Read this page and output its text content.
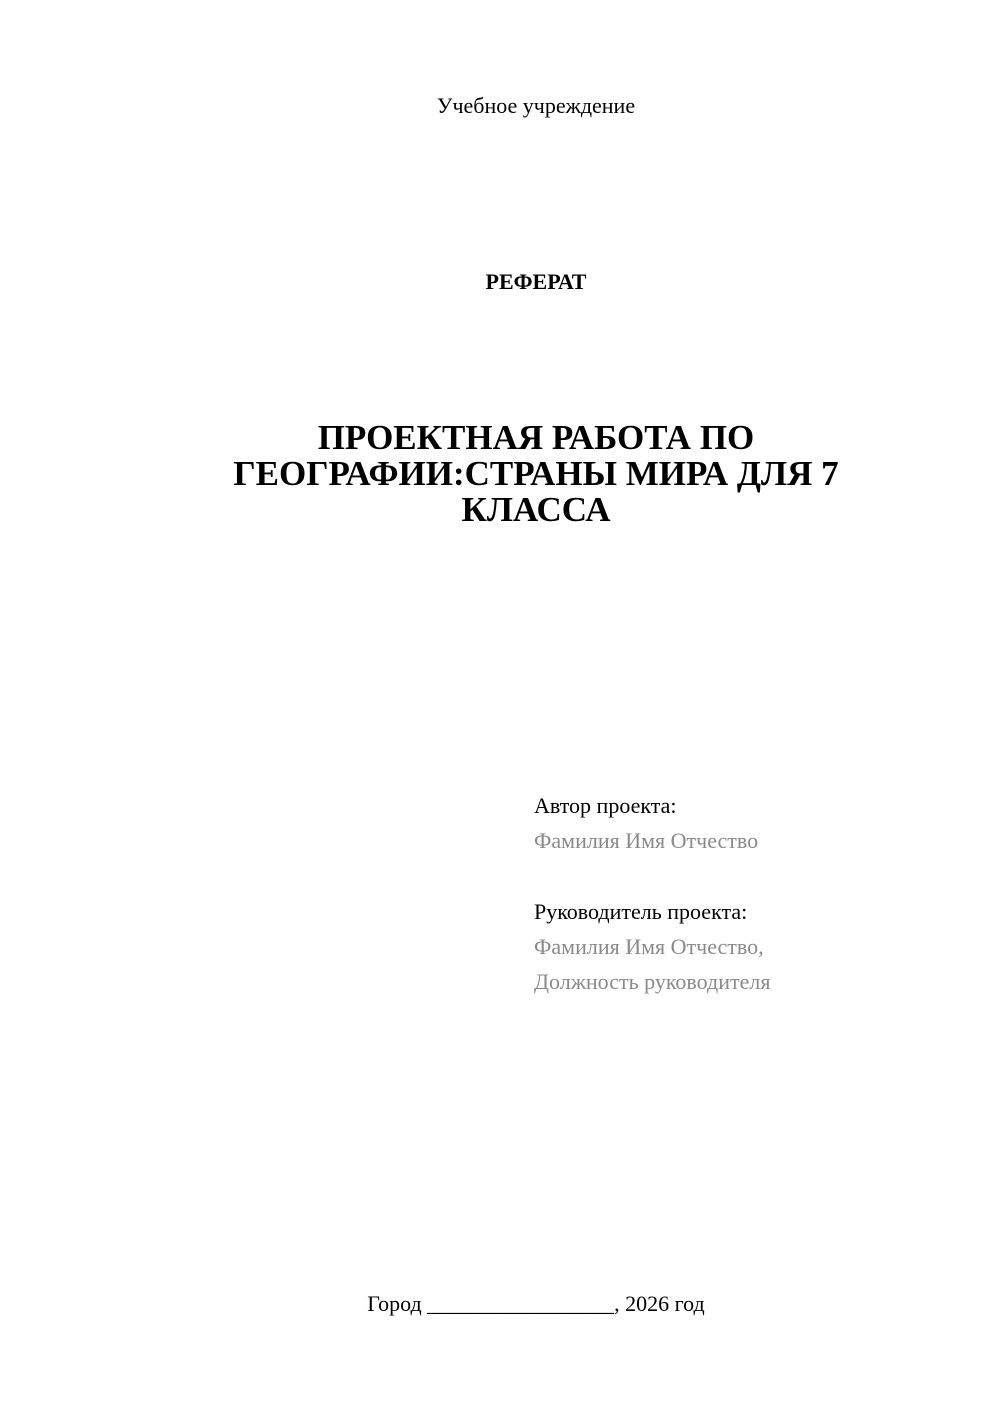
Учебное учреждение
РЕФЕРАТ
ПРОЕКТНАЯ РАБОТА ПО ГЕОГРАФИИ:СТРАНЫ МИРА ДЛЯ 7 КЛАССА
Автор проекта:
Фамилия Имя Отчество
Руководитель проекта:
Фамилия Имя Отчество,
Должность руководителя
Город _________________, 2026 год
